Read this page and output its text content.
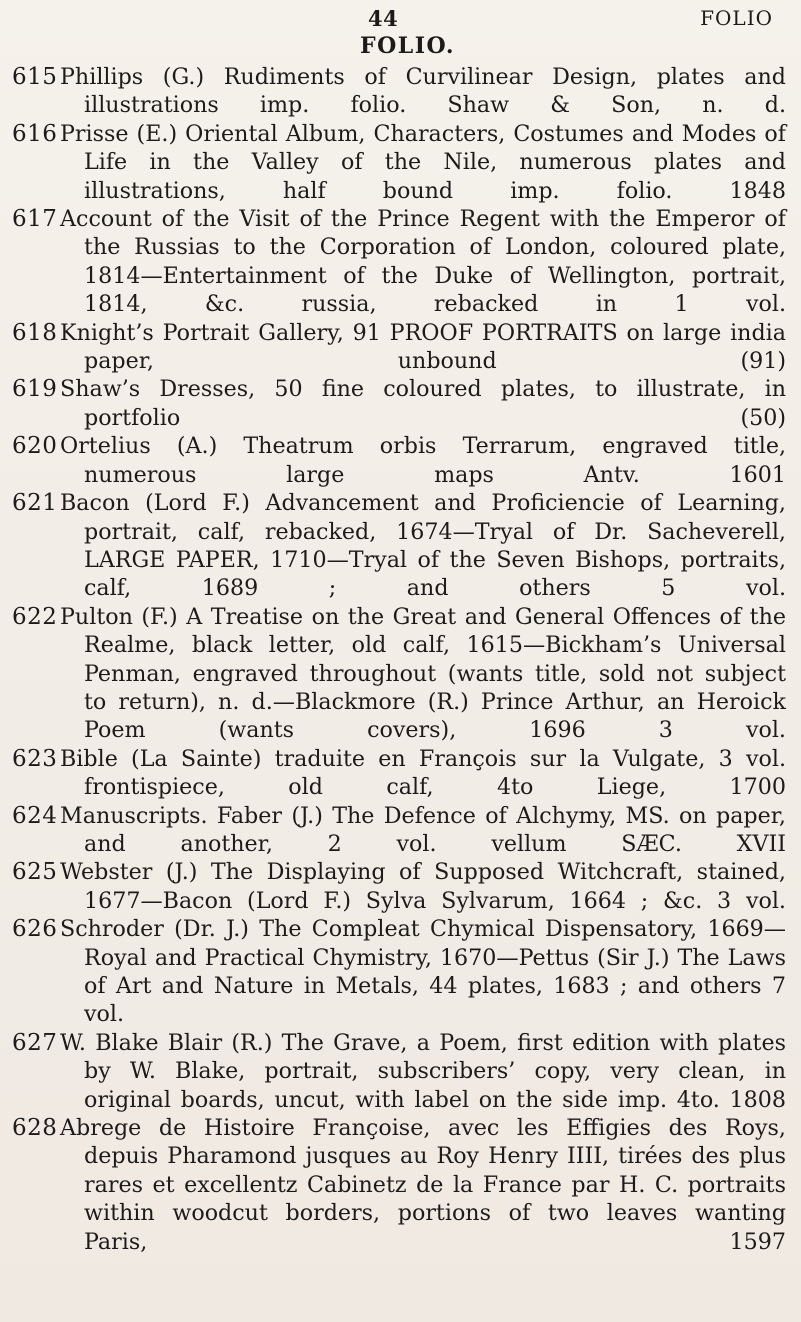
44	FOLIO
FOLIO.
615 Phillips (G.) Rudiments of Curvilinear Design, plates and illustrations imp. folio. Shaw & Son, n. d.
616 Prisse (E.) Oriental Album, Characters, Costumes and Modes of Life in the Valley of the Nile, numerous plates and illustrations, half bound imp. folio. 1848
617 Account of the Visit of the Prince Regent with the Emperor of the Russias to the Corporation of London, coloured plate, 1814—Entertainment of the Duke of Wellington, portrait, 1814, &c. russia, rebacked in 1 vol.
618 Knight’s Portrait Gallery, 91 PROOF PORTRAITS on large india paper, unbound (91)
619 Shaw’s Dresses, 50 fine coloured plates, to illustrate, in portfolio (50)
620 Ortelius (A.) Theatrum orbis Terrarum, engraved title, numerous large maps Antv. 1601
621 Bacon (Lord F.) Advancement and Proficiencie of Learning, portrait, calf, rebacked, 1674—Tryal of Dr. Sacheverell, LARGE PAPER, 1710—Tryal of the Seven Bishops, portraits, calf, 1689 ; and others 5 vol.
622 Pulton (F.) A Treatise on the Great and General Offences of the Realme, black letter, old calf, 1615—Bickham’s Universal Penman, engraved throughout (wants title, sold not subject to return), n. d.—Blackmore (R.) Prince Arthur, an Heroick Poem (wants covers), 1696 3 vol.
623 Bible (La Sainte) traduite en François sur la Vulgate, 3 vol. frontispiece, old calf, 4to Liege, 1700
624 Manuscripts. Faber (J.) The Defence of Alchymy, MS. on paper, and another, 2 vol. vellum SÆC. XVII
625 Webster (J.) The Displaying of Supposed Witchcraft, stained, 1677—Bacon (Lord F.) Sylva Sylvarum, 1664 ; &c. 3 vol.
626 Schroder (Dr. J.) The Compleat Chymical Dispensatory, 1669—Royal and Practical Chymistry, 1670—Pettus (Sir J.) The Laws of Art and Nature in Metals, 44 plates, 1683 ; and others 7 vol.
627 W. Blake Blair (R.) The Grave, a Poem, first edition with plates by W. Blake, portrait, subscribers’ copy, very clean, in original boards, uncut, with label on the side imp. 4to. 1808
628 Abrege de Histoire Françoise, avec les Effigies des Roys, depuis Pharamond jusques au Roy Henry IIII, tirées des plus rares et excellentz Cabinetz de la France par H. C. portraits within woodcut borders, portions of two leaves wanting Paris, 1597
